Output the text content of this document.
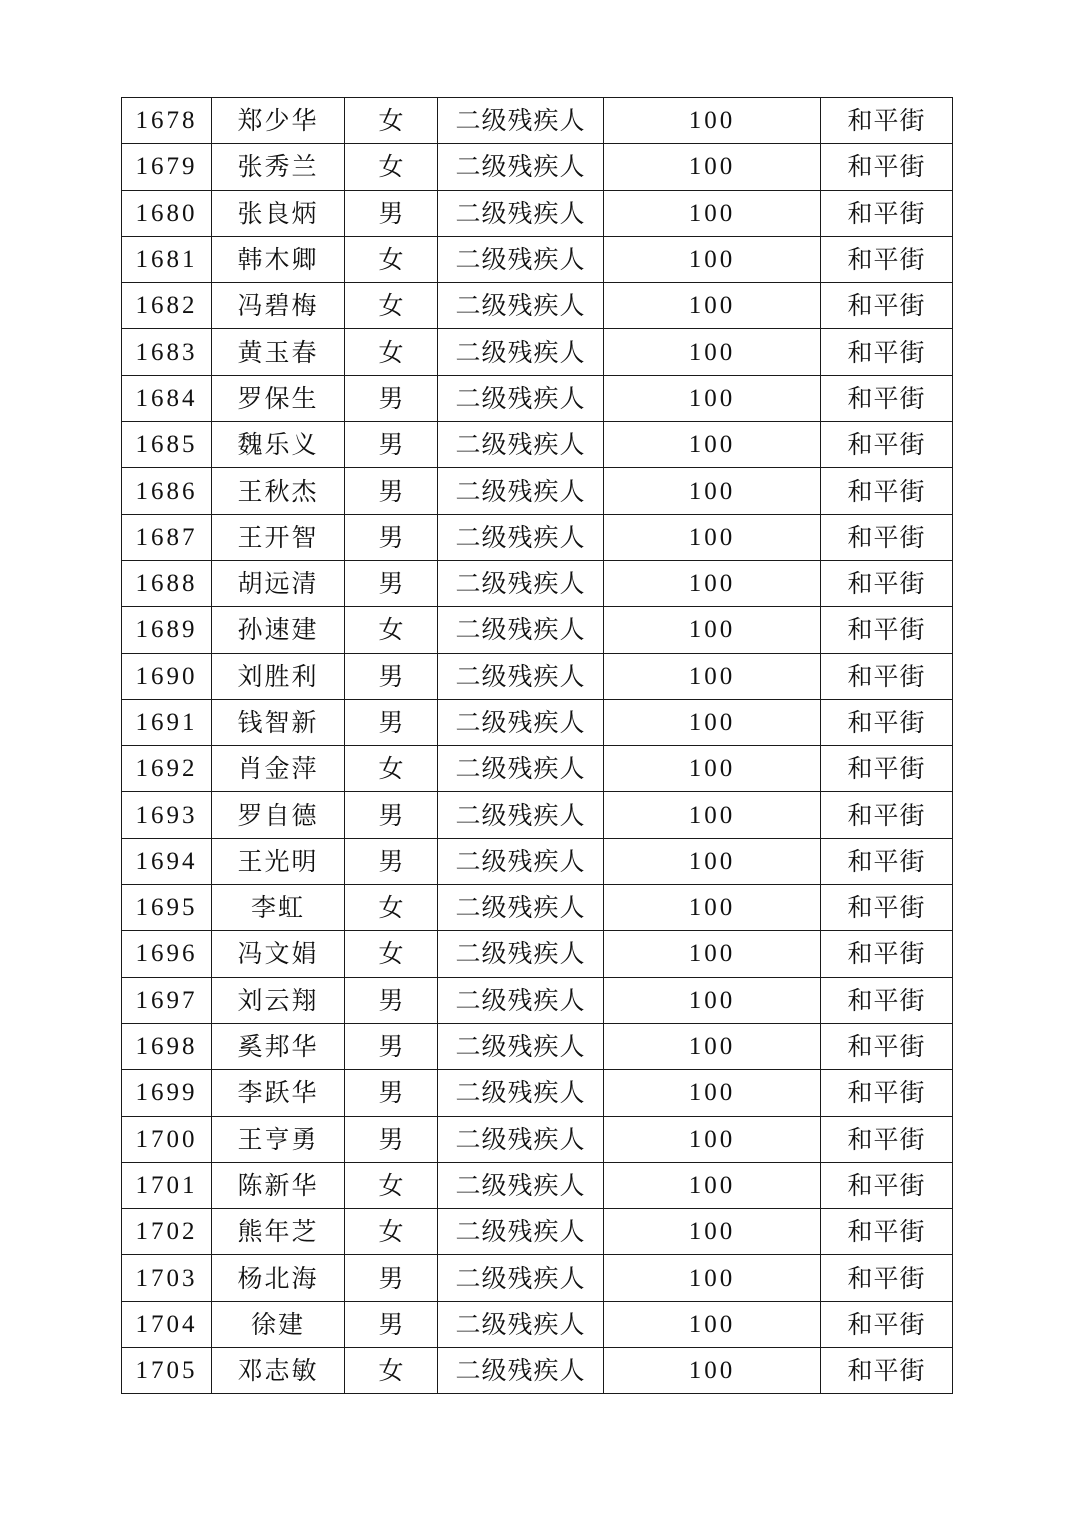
1678	郑少华	女	二级残疾人	100	和平街
1679	张秀兰	女	二级残疾人	100	和平街
1680	张良炳	男	二级残疾人	100	和平街
1681	韩木卿	女	二级残疾人	100	和平街
1682	冯碧梅	女	二级残疾人	100	和平街
1683	黄玉春	女	二级残疾人	100	和平街
1684	罗保生	男	二级残疾人	100	和平街
1685	魏乐义	男	二级残疾人	100	和平街
1686	王秋杰	男	二级残疾人	100	和平街
1687	王开智	男	二级残疾人	100	和平街
1688	胡远清	男	二级残疾人	100	和平街
1689	孙速建	女	二级残疾人	100	和平街
1690	刘胜利	男	二级残疾人	100	和平街
1691	钱智新	男	二级残疾人	100	和平街
1692	肖金萍	女	二级残疾人	100	和平街
1693	罗自德	男	二级残疾人	100	和平街
1694	王光明	男	二级残疾人	100	和平街
1695	李虹	女	二级残疾人	100	和平街
1696	冯文娟	女	二级残疾人	100	和平街
1697	刘云翔	男	二级残疾人	100	和平街
1698	奚邦华	男	二级残疾人	100	和平街
1699	李跃华	男	二级残疾人	100	和平街
1700	王亨勇	男	二级残疾人	100	和平街
1701	陈新华	女	二级残疾人	100	和平街
1702	熊年芝	女	二级残疾人	100	和平街
1703	杨北海	男	二级残疾人	100	和平街
1704	徐建	男	二级残疾人	100	和平街
1705	邓志敏	女	二级残疾人	100	和平街
